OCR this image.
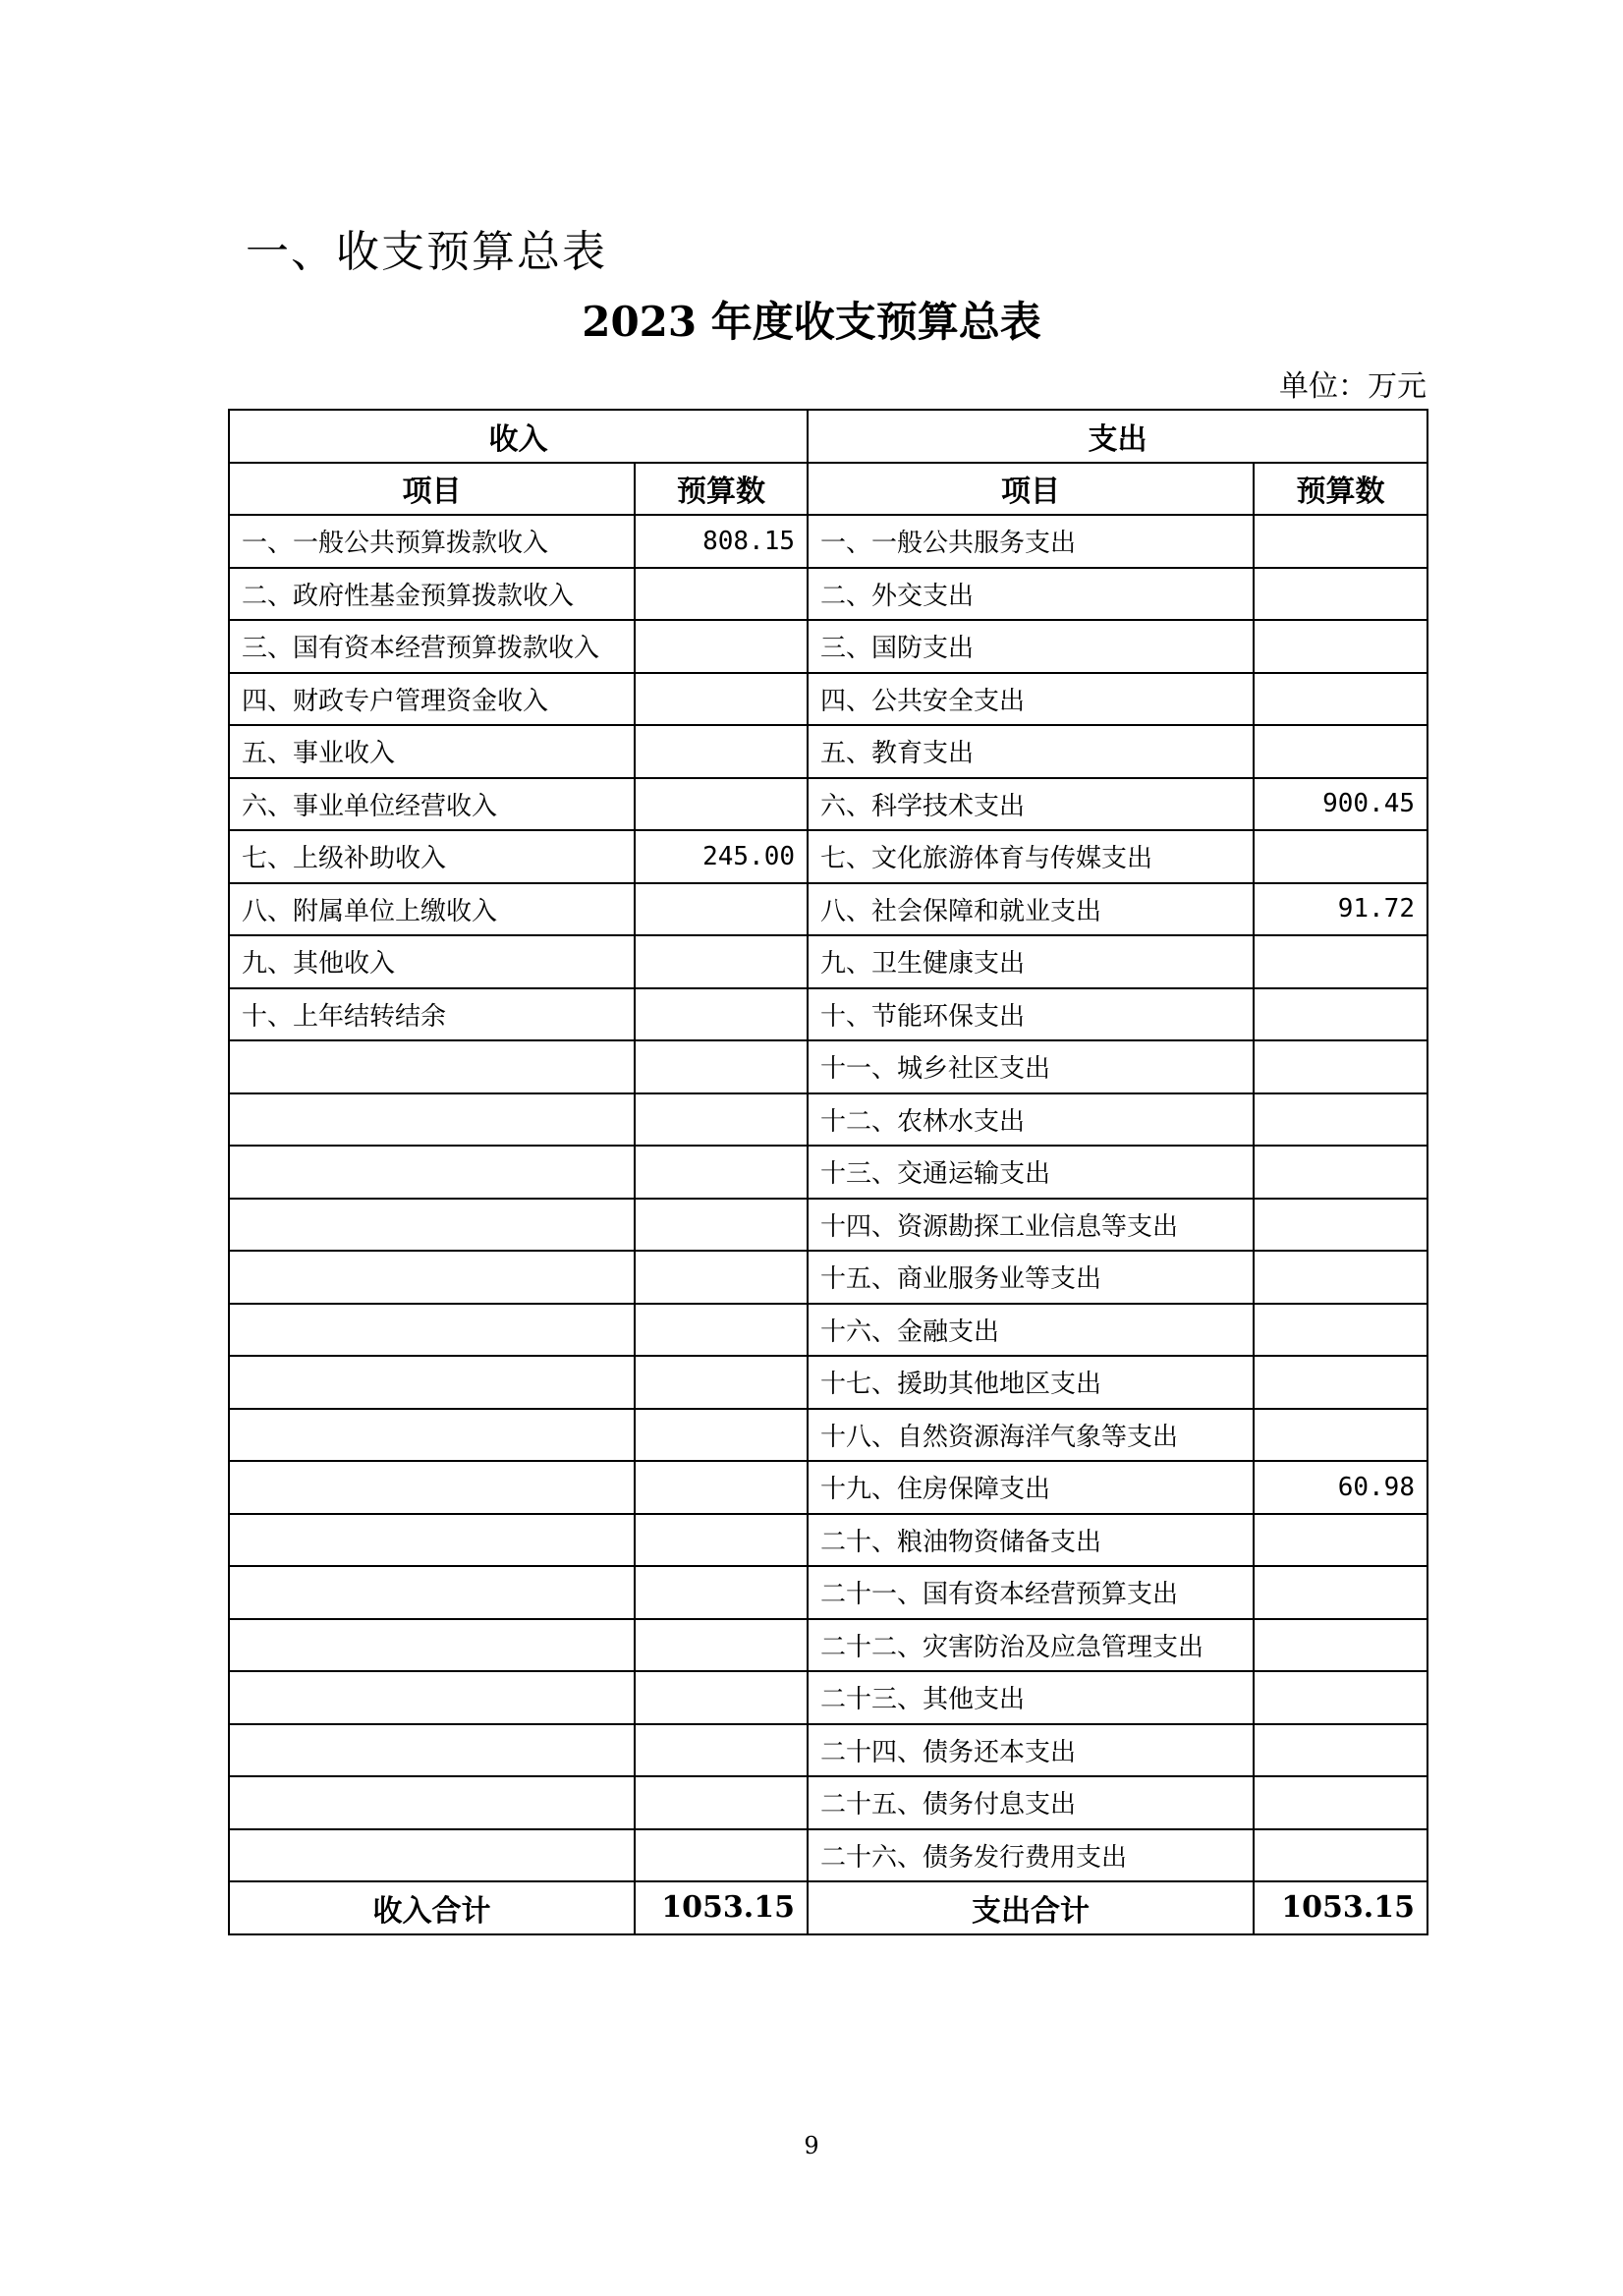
一、收支预算总表
2023 年度收支预算总表
单位：万元
收入		支出	
项目	预算数	项目	预算数
一、一般公共预算拨款收入	808.15	一、一般公共服务支出	
二、政府性基金预算拨款收入		二、外交支出	
三、国有资本经营预算拨款收入		三、国防支出	
四、财政专户管理资金收入		四、公共安全支出	
五、事业收入		五、教育支出	
六、事业单位经营收入		六、科学技术支出	900.45
七、上级补助收入	245.00	七、文化旅游体育与传媒支出	
八、附属单位上缴收入		八、社会保障和就业支出	91.72
九、其他收入		九、卫生健康支出	
十、上年结转结余		十、节能环保支出	
		十一、城乡社区支出	
		十二、农林水支出	
		十三、交通运输支出	
		十四、资源勘探工业信息等支出	
		十五、商业服务业等支出	
		十六、金融支出	
		十七、援助其他地区支出	
		十八、自然资源海洋气象等支出	
		十九、住房保障支出	60.98
		二十、粮油物资储备支出	
		二十一、国有资本经营预算支出	
		二十二、灾害防治及应急管理支出	
		二十三、其他支出	
		二十四、债务还本支出	
		二十五、债务付息支出	
		二十六、债务发行费用支出	
收入合计	1053.15	支出合计	1053.15
9
